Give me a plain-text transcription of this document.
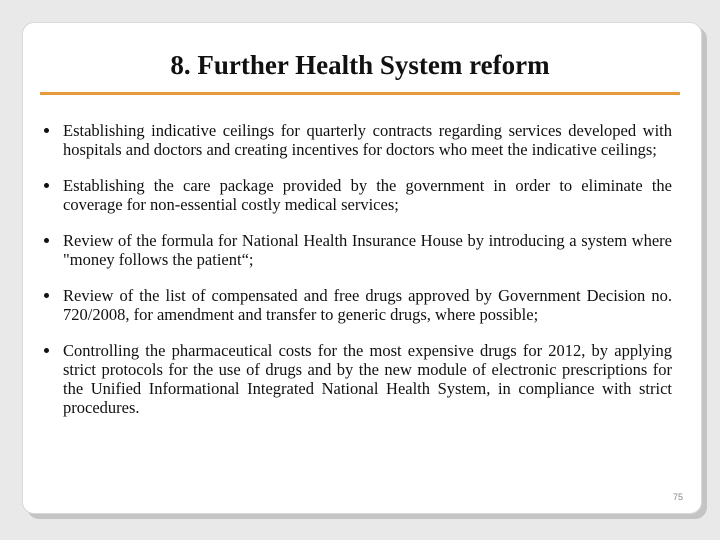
8. Further Health System reform
Establishing indicative ceilings for quarterly contracts regarding services developed with hospitals and doctors and creating incentives for doctors who meet the indicative ceilings;
Establishing the care package provided by the government in order to eliminate the coverage for non-essential costly medical services;
Review of the formula for National Health Insurance House by introducing a system where "money follows the patient“;
Review of the list of compensated and free drugs approved by Government Decision no. 720/2008, for amendment and transfer to generic drugs, where possible;
Controlling the pharmaceutical costs for the most expensive drugs for 2012, by applying strict protocols for the use of drugs and by the new module of electronic prescriptions for the Unified Informational Integrated National Health System, in compliance with strict procedures.
75
